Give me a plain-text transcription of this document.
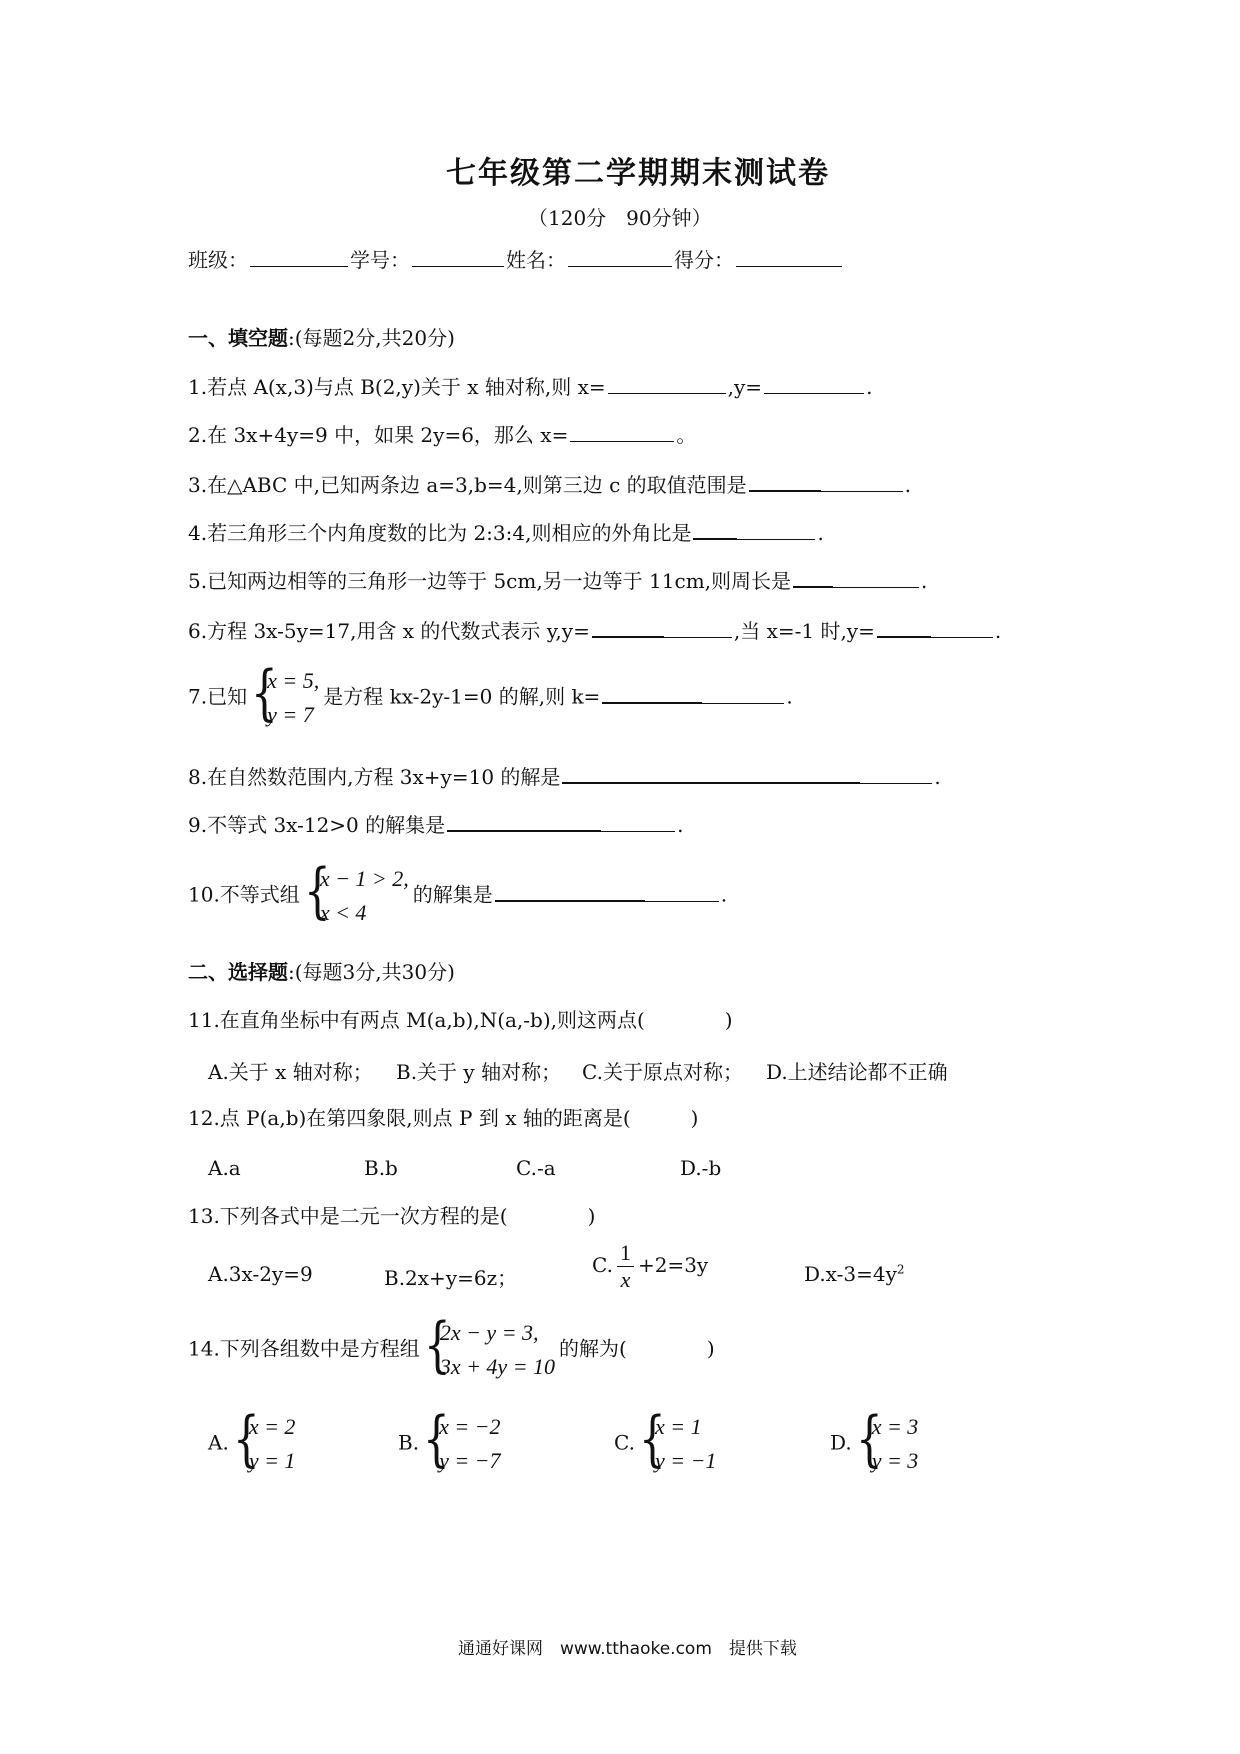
七年级第二学期期末测试卷
（120分　90分钟）
班级：	学号：	姓名：	得分：
一、填空题:(每题2分,共20分)
1.若点 A(x,3)与点 B(2,y)关于 x 轴对称,则 x=	,y=	.
2.在 3x+4y=9 中，如果 2y=6，那么 x=	。
3.在△ABC 中,已知两条边 a=3,b=4,则第三边 c 的取值范围是	.
4.若三角形三个内角度数的比为 2:3:4,则相应的外角比是	.
5.已知两边相等的三角形一边等于 5cm,另一边等于 11cm,则周长是	.
6.方程 3x-5y=17,用含 x 的代数式表示 y,y=	,当 x=-1 时,y=	.
7.已知 {
x = 5,
y = 7
是方程 kx-2y-1=0 的解,则 k=	.
8.在自然数范围内,方程 3x+y=10 的解是	.
9.不等式 3x-12>0 的解集是	.
10.不等式组 {
x − 1 > 2,
x < 4
的解集是	.
二、选择题:(每题3分,共30分)
11.在直角坐标中有两点 M(a,b),N(a,-b),则这两点(　　　　)
A.关于 x 轴对称； B.关于 y 轴对称； C.关于原点对称； D.上述结论都不正确
12.点 P(a,b)在第四象限,则点 P 到 x 轴的距离是(　　　)
A.a	B.b	C.-a	D.-b
13.下列各式中是二元一次方程的是(　　　　)
A.3x-2y=9	B.2x+y=6z；
C. $\frac{1}{x} +2=3y$	$D.x-3=4y^2$
14.下列各组数中是方程组 {
2x − y = 3,
3x + 4y = 10
的解为(　　　　)
A. {
x = 2
y = 1
B. {
x = −2
y = −7
C. {
x = 1
y = −1
D. {
x = 3
y = 3
通通好课网　www.tthaoke.com　提供下载
